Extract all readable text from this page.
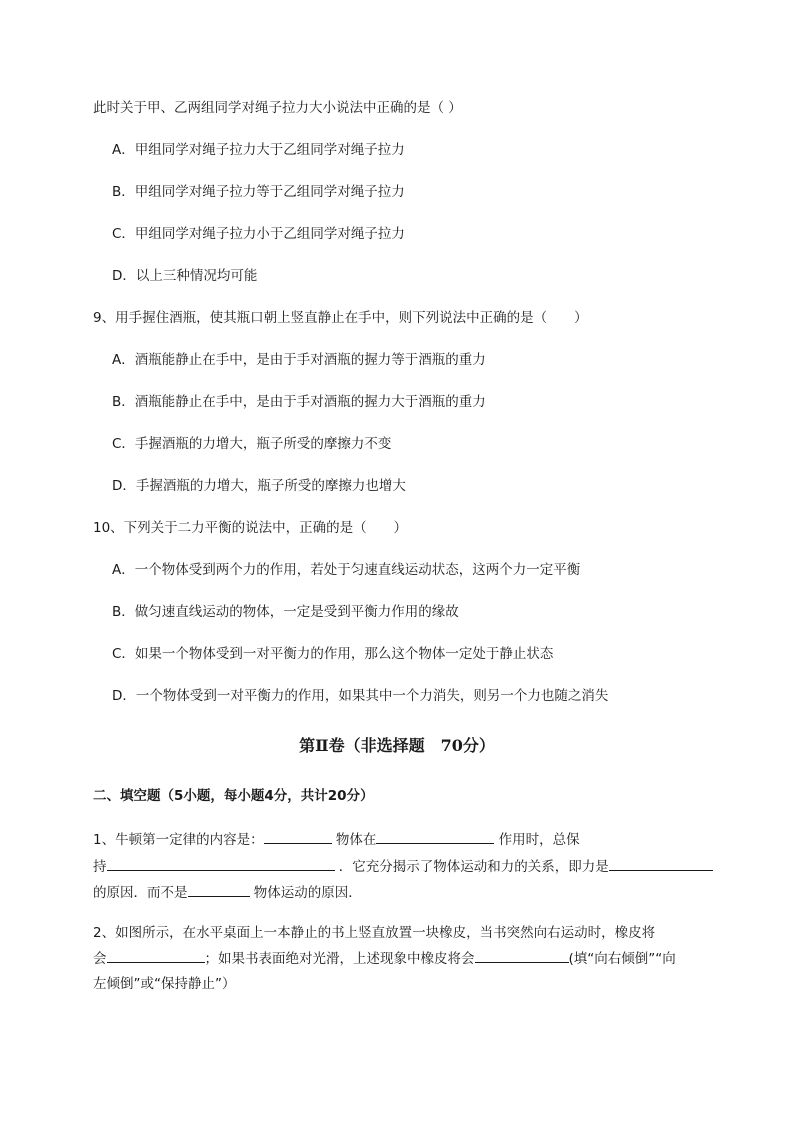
此时关于甲、乙两组同学对绳子拉力大小说法中正确的是（ ）
A．甲组同学对绳子拉力大于乙组同学对绳子拉力
B．甲组同学对绳子拉力等于乙组同学对绳子拉力
C．甲组同学对绳子拉力小于乙组同学对绳子拉力
D．以上三种情况均可能
9、用手握住酒瓶，使其瓶口朝上竖直静止在手中，则下列说法中正确的是（　　）
A．酒瓶能静止在手中，是由于手对酒瓶的握力等于酒瓶的重力
B．酒瓶能静止在手中，是由于手对酒瓶的握力大于酒瓶的重力
C．手握酒瓶的力增大，瓶子所受的摩擦力不变
D．手握酒瓶的力增大，瓶子所受的摩擦力也增大
10、下列关于二力平衡的说法中，正确的是（　　）
A．一个物体受到两个力的作用，若处于匀速直线运动状态，这两个力一定平衡
B．做匀速直线运动的物体，一定是受到平衡力作用的缘故
C．如果一个物体受到一对平衡力的作用，那么这个物体一定处于静止状态
D．一个物体受到一对平衡力的作用，如果其中一个力消失，则另一个力也随之消失
第Ⅱ卷（非选择题　70分）
二、填空题（5小题，每小题4分，共计20分）
1、牛顿第一定律的内容是：	物体在	作用时，总保
持	．它充分揭示了物体运动和力的关系，即力是
的原因．而不是	物体运动的原因．
2、如图所示，在水平桌面上一本静止的书上竖直放置一块橡皮，当书突然向右运动时，橡皮将
会	；如果书表面绝对光滑，上述现象中橡皮将会	(填“向右倾倒”“向
左倾倒”或“保持静止”）
